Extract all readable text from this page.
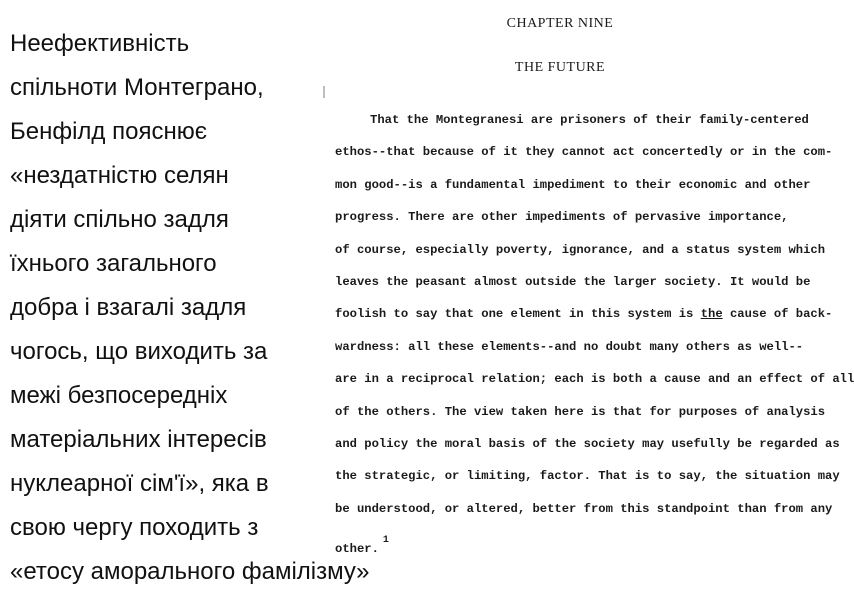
Неефективність
спільноти Монтеграно,
Бенфілд пояснює
«нездатністю селян
діяти спільно задля
їхнього загального
добра і взагалі задля
чогось, що виходить за
межі безпосередніх
матеріальних інтересів
нуклеарної сім'ї», яка в
свою чергу походить з
«етосу аморального фамілізму»
CHAPTER NINE
THE FUTURE
That the Montegranesi are prisoners of their family-centered
ethos--that because of it they cannot act concertedly or in the com-
mon good--is a fundamental impediment to their economic and other
progress. There are other impediments of pervasive importance,
of course, especially poverty, ignorance, and a status system which
leaves the peasant almost outside the larger society. It would be
foolish to say that one element in this system is the cause of back-
wardness: all these elements--and no doubt many others as well--
are in a reciprocal relation; each is both a cause and an effect of all
of the others. The view taken here is that for purposes of analysis
and policy the moral basis of the society may usefully be regarded as
the strategic, or limiting, factor. That is to say, the situation may
be understood, or altered, better from this standpoint than from any
other.$^1$
